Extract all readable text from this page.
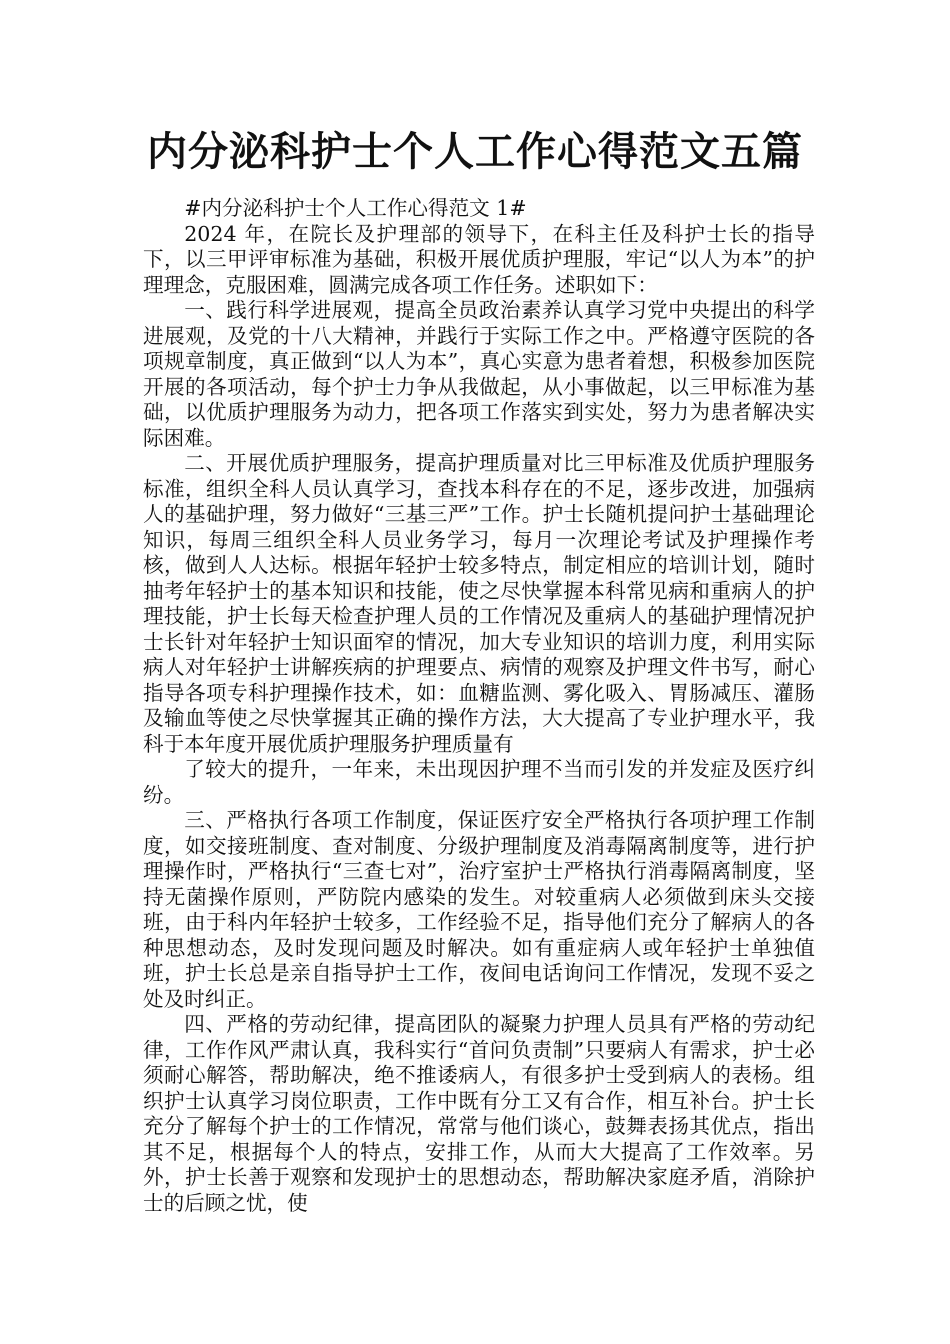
内分泌科护士个人工作心得范文五篇

#内分泌科护士个人工作心得范文 1#

2024 年，在院长及护理部的领导下，在科主任及科护士长的指导下，以三甲评审标准为基础，积极开展优质护理服，牢记“以人为本”的护理理念，克服困难，圆满完成各项工作任务。述职如下：

一、践行科学进展观，提高全员政治素养认真学习党中央提出的科学进展观，及党的十八大精神，并践行于实际工作之中。严格遵守医院的各项规章制度，真正做到“以人为本”，真心实意为患者着想，积极参加医院开展的各项活动，每个护士力争从我做起，从小事做起，以三甲标准为基础，以优质护理服务为动力，把各项工作落实到实处，努力为患者解决实际困难。

二、开展优质护理服务，提高护理质量对比三甲标准及优质护理服务标准，组织全科人员认真学习，查找本科存在的不足，逐步改进，加强病人的基础护理，努力做好“三基三严”工作。护士长随机提问护士基础理论知识，每周三组织全科人员业务学习，每月一次理论考试及护理操作考核，做到人人达标。根据年轻护士较多特点，制定相应的培训计划，随时抽考年轻护士的基本知识和技能，使之尽快掌握本科常见病和重病人的护理技能，护士长每天检查护理人员的工作情况及重病人的基础护理情况护士长针对年轻护士知识面窄的情况，加大专业知识的培训力度，利用实际病人对年轻护士讲解疾病的护理要点、病情的观察及护理文件书写，耐心指导各项专科护理操作技术，如：血糖监测、雾化吸入、胃肠减压、灌肠及输血等使之尽快掌握其正确的操作方法，大大提高了专业护理水平，我科于本年度开展优质护理服务护理质量有

了较大的提升，一年来，未出现因护理不当而引发的并发症及医疗纠纷。

三、严格执行各项工作制度，保证医疗安全严格执行各项护理工作制度，如交接班制度、查对制度、分级护理制度及消毒隔离制度等，进行护理操作时，严格执行“三查七对”，治疗室护士严格执行消毒隔离制度，坚持无菌操作原则，严防院内感染的发生。对较重病人必须做到床头交接班，由于科内年轻护士较多，工作经验不足，指导他们充分了解病人的各种思想动态，及时发现问题及时解决。如有重症病人或年轻护士单独值班，护士长总是亲自指导护士工作，夜间电话询问工作情况，发现不妥之处及时纠正。

四、严格的劳动纪律，提高团队的凝聚力护理人员具有严格的劳动纪律，工作作风严肃认真，我科实行“首问负责制”只要病人有需求，护士必须耐心解答，帮助解决，绝不推诿病人，有很多护士受到病人的表杨。组织护士认真学习岗位职责，工作中既有分工又有合作，相互补台。护士长充分了解每个护士的工作情况，常常与他们谈心，鼓舞表扬其优点，指出其不足，根据每个人的特点，安排工作，从而大大提高了工作效率。另外，护士长善于观察和发现护士的思想动态，帮助解决家庭矛盾，消除护士的后顾之忧，使
